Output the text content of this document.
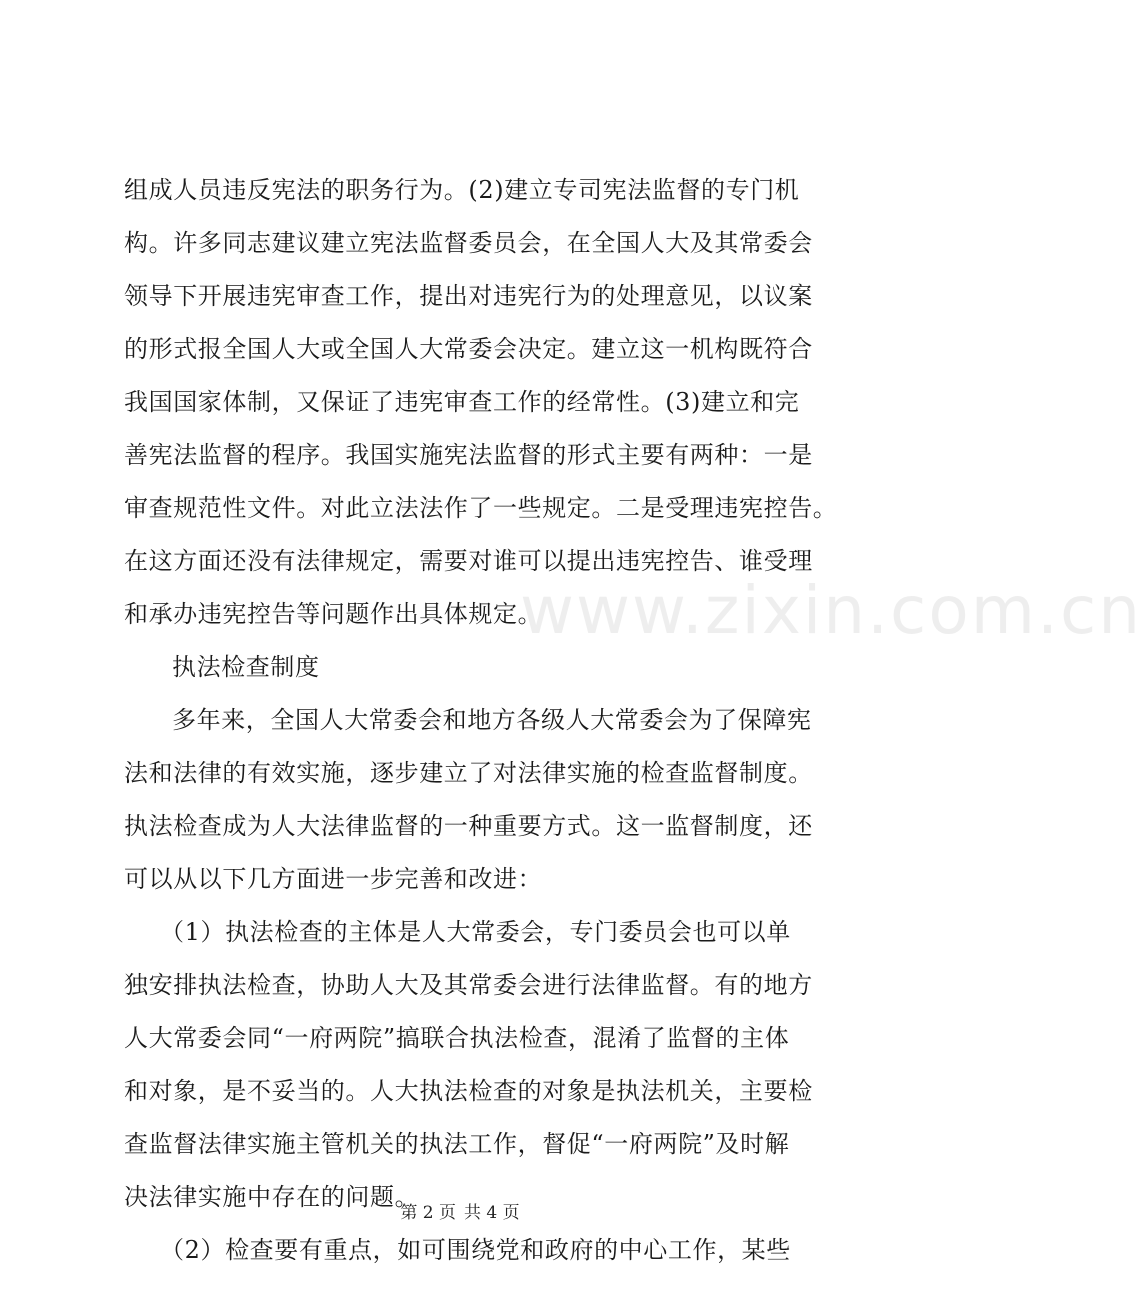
www.zixin.com.cn
组成人员违反宪法的职务行为。(2)建立专司宪法监督的专门机
构。许多同志建议建立宪法监督委员会，在全国人大及其常委会
领导下开展违宪审查工作，提出对违宪行为的处理意见，以议案
的形式报全国人大或全国人大常委会决定。建立这一机构既符合
我国国家体制，又保证了违宪审查工作的经常性。(3)建立和完
善宪法监督的程序。我国实施宪法监督的形式主要有两种：一是
审查规范性文件。对此立法法作了一些规定。二是受理违宪控告。
在这方面还没有法律规定，需要对谁可以提出违宪控告、谁受理
和承办违宪控告等问题作出具体规定。
执法检查制度
多年来，全国人大常委会和地方各级人大常委会为了保障宪
法和法律的有效实施，逐步建立了对法律实施的检查监督制度。
执法检查成为人大法律监督的一种重要方式。这一监督制度，还
可以从以下几方面进一步完善和改进：
（1）执法检查的主体是人大常委会，专门委员会也可以单
独安排执法检查，协助人大及其常委会进行法律监督。有的地方
人大常委会同“一府两院”搞联合执法检查，混淆了监督的主体
和对象，是不妥当的。人大执法检查的对象是执法机关，主要检
查监督法律实施主管机关的执法工作，督促“一府两院”及时解
决法律实施中存在的问题。
（2）检查要有重点，如可围绕党和政府的中心工作，某些
第 2 页 共 4 页
